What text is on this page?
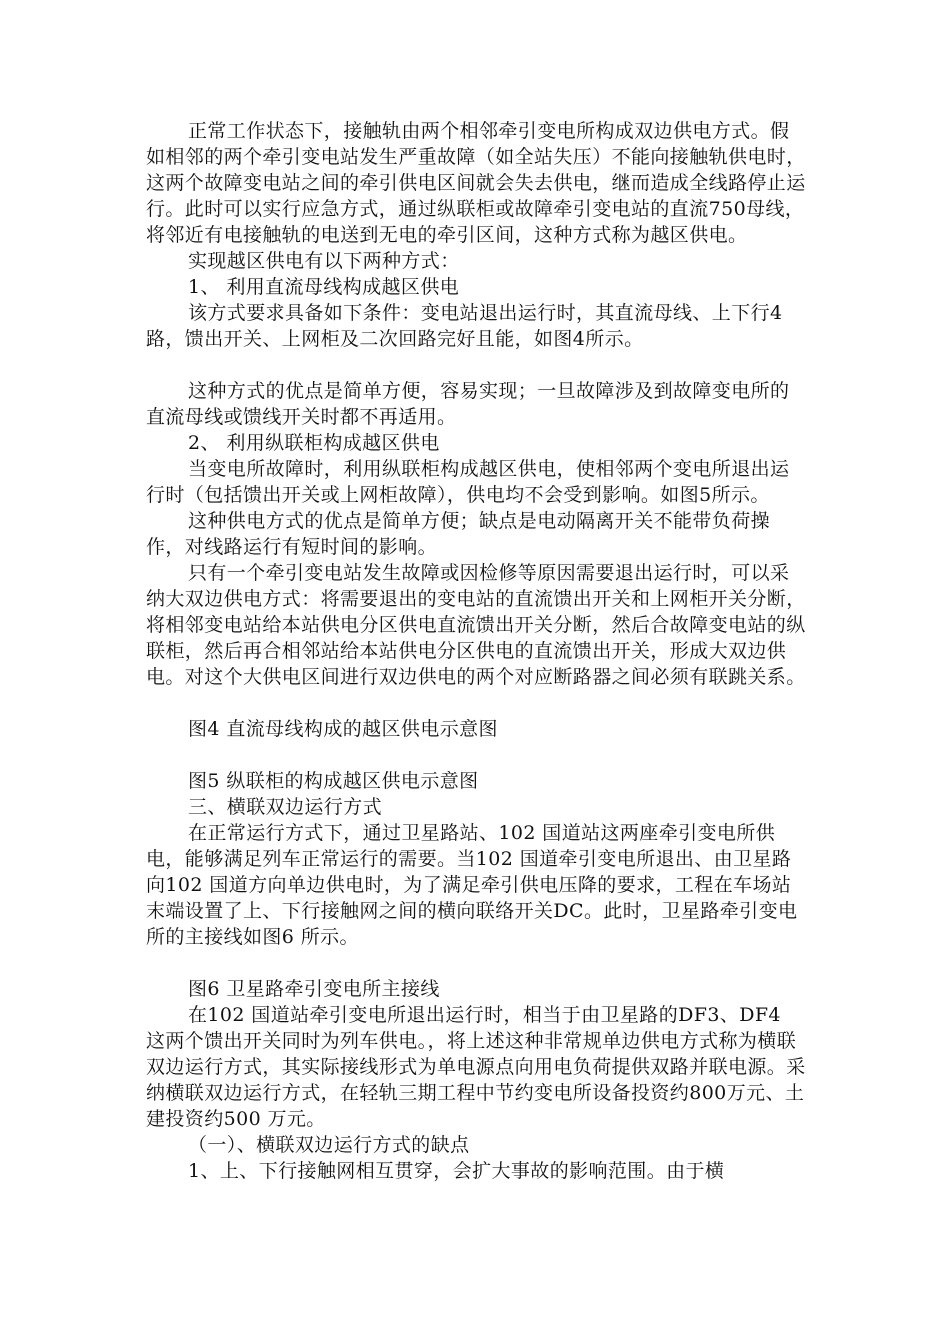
正常工作状态下，接触轨由两个相邻牵引变电所构成双边供电方式。假如相邻的两个牵引变电站发生严重故障（如全站失压）不能向接触轨供电时，这两个故障变电站之间的牵引供电区间就会失去供电，继而造成全线路停止运行。此时可以实行应急方式，通过纵联柜或故障牵引变电站的直流750母线，将邻近有电接触轨的电送到无电的牵引区间，这种方式称为越区供电。

实现越区供电有以下两种方式：

1、 利用直流母线构成越区供电

该方式要求具备如下条件：变电站退出运行时，其直流母线、上下行4路，馈出开关、上网柜及二次回路完好且能，如图4所示。

这种方式的优点是简单方便，容易实现；一旦故障涉及到故障变电所的直流母线或馈线开关时都不再适用。

2、 利用纵联柜构成越区供电

当变电所故障时，利用纵联柜构成越区供电，使相邻两个变电所退出运行时（包括馈出开关或上网柜故障），供电均不会受到影响。如图5所示。

这种供电方式的优点是简单方便；缺点是电动隔离开关不能带负荷操作，对线路运行有短时间的影响。

只有一个牵引变电站发生故障或因检修等原因需要退出运行时，可以采纳大双边供电方式：将需要退出的变电站的直流馈出开关和上网柜开关分断，将相邻变电站给本站供电分区供电直流馈出开关分断，然后合故障变电站的纵联柜，然后再合相邻站给本站供电分区供电的直流馈出开关，形成大双边供电。对这个大供电区间进行双边供电的两个对应断路器之间必须有联跳关系。

图4 直流母线构成的越区供电示意图

图5 纵联柜的构成越区供电示意图

三、横联双边运行方式

在正常运行方式下，通过卫星路站、102 国道站这两座牵引变电所供电，能够满足列车正常运行的需要。当102 国道牵引变电所退出、由卫星路向102 国道方向单边供电时，为了满足牵引供电压降的要求，工程在车场站末端设置了上、下行接触网之间的横向联络开关DC。此时，卫星路牵引变电所的主接线如图6 所示。

图6 卫星路牵引变电所主接线

在102 国道站牵引变电所退出运行时，相当于由卫星路的DF3、DF4 这两个馈出开关同时为列车供电。，将上述这种非常规单边供电方式称为横联双边运行方式，其实际接线形式为单电源点向用电负荷提供双路并联电源。采纳横联双边运行方式，在轻轨三期工程中节约变电所设备投资约800万元、土建投资约500 万元。

（一）、横联双边运行方式的缺点

1、上、下行接触网相互贯穿，会扩大事故的影响范围。由于横
